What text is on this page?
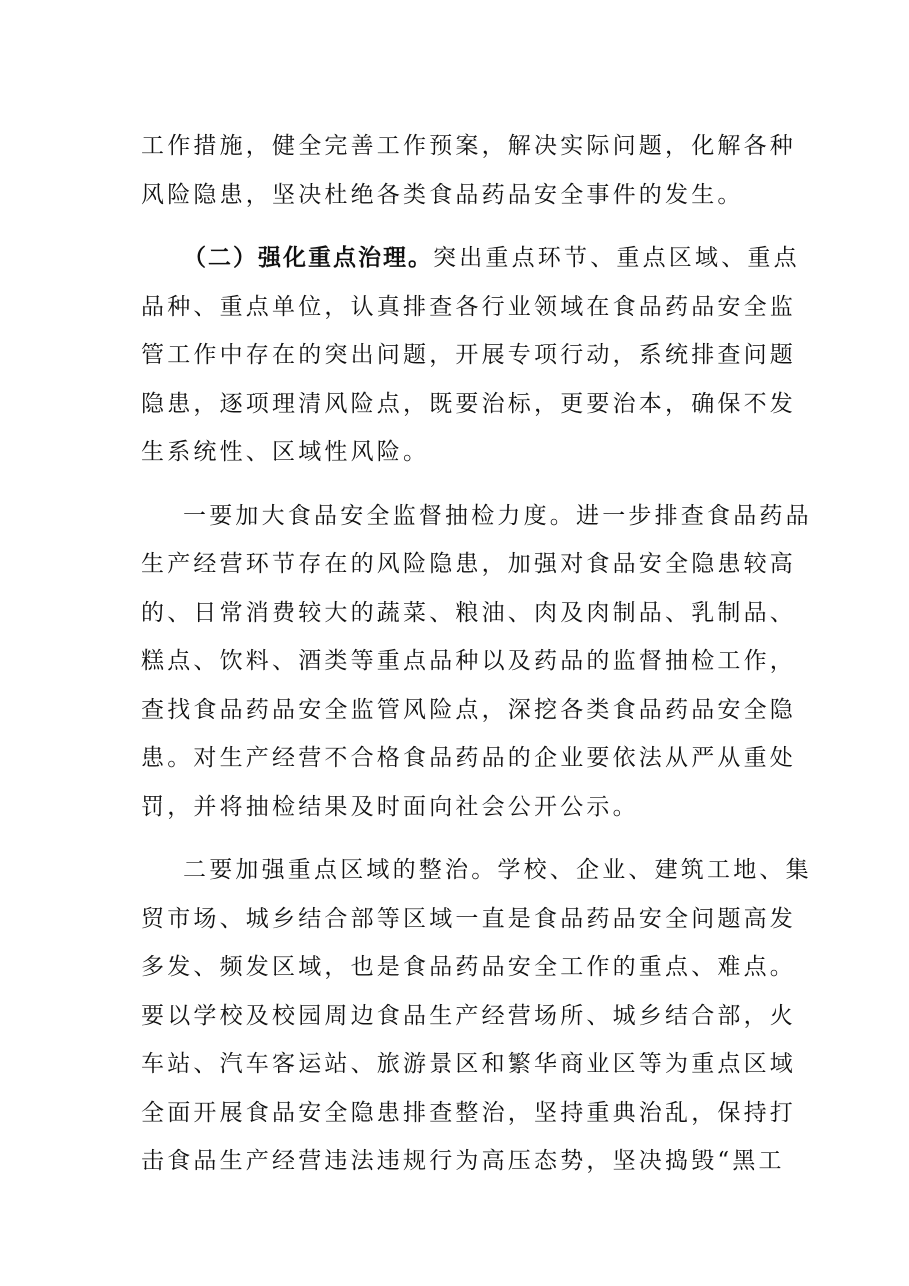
工作措施，健全完善工作预案，解决实际问题，化解各种
风险隐患，坚决杜绝各类食品药品安全事件的发生。
（二）强化重点治理。突出重点环节、重点区域、重点
品种、重点单位，认真排查各行业领域在食品药品安全监
管工作中存在的突出问题，开展专项行动，系统排查问题
隐患，逐项理清风险点，既要治标，更要治本，确保不发
生系统性、区域性风险。
一要加大食品安全监督抽检力度。进一步排查食品药品
生产经营环节存在的风险隐患，加强对食品安全隐患较高
的、日常消费较大的蔬菜、粮油、肉及肉制品、乳制品、
糕点、饮料、酒类等重点品种以及药品的监督抽检工作，
查找食品药品安全监管风险点，深挖各类食品药品安全隐
患。对生产经营不合格食品药品的企业要依法从严从重处
罚，并将抽检结果及时面向社会公开公示。
二要加强重点区域的整治。学校、企业、建筑工地、集
贸市场、城乡结合部等区域一直是食品药品安全问题高发
多发、频发区域，也是食品药品安全工作的重点、难点。
要以学校及校园周边食品生产经营场所、城乡结合部，火
车站、汽车客运站、旅游景区和繁华商业区等为重点区域
全面开展食品安全隐患排查整治，坚持重典治乱，保持打
击食品生产经营违法违规行为高压态势，坚决捣毁“黑工
